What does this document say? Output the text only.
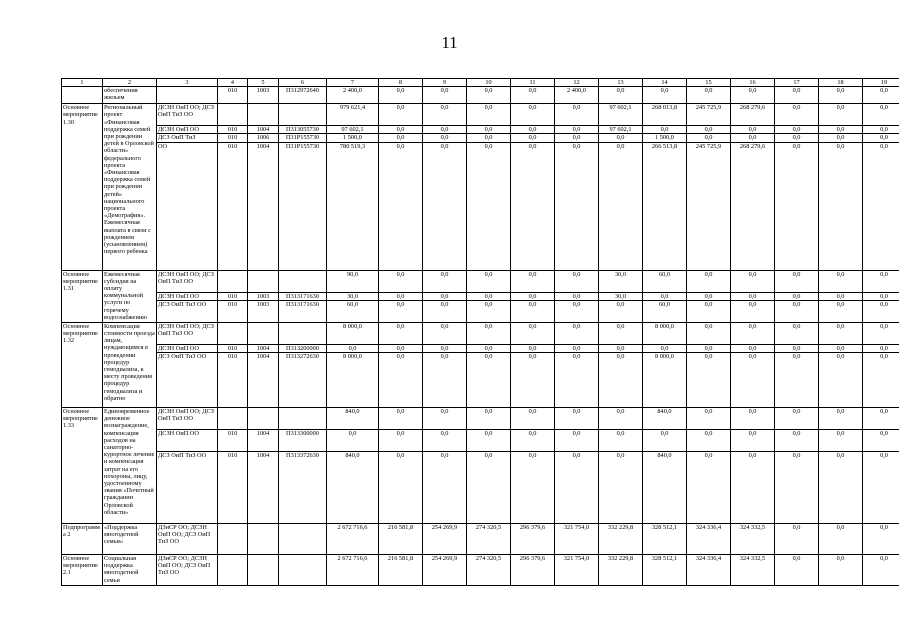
11
1	2	3	4	5	6	7	8	9	10	11	12	13	14	15	16	17	18	19
	обеспечения жильем		010	1003	П312972640	2 400,0	0,0	0,0	0,0	0,0	2 400,0	0,0	0,0	0,0	0,0	0,0	0,0	0,0
Основное мероприятие 1.30	Региональный проект «Финансовая поддержка семей при рождении детей в Орловской области» федерального проекта «Финансовая поддержка семей при рождении детей» национального проекта «Демография». Ежемесячная выплата в связи с рождением (усыновлением) первого ребенка	ДСЗН ОиП ОО; ДСЗ ОиП ТиЗ ОО				979 621,4	0,0	0,0	0,0	0,0	0,0	97 602,1	268 013,8	245 725,9	268 279,6	0,0	0,0	0,0
		ДСЗН ОиП ОО	010	1004	П313055730	97 602,1	0,0	0,0	0,0	0,0	0,0	97 602,1	0,0	0,0	0,0	0,0	0,0	0,0
		ДСЗ ОиП ТиЗ	010	1006	П31Р155730	1 500,0	0,0	0,0	0,0	0,0	0,0	0,0	1 500,0	0,0	0,0	0,0	0,0	0,0
		ОО	010	1004	П31Р155730	780 519,3	0,0	0,0	0,0	0,0	0,0	0,0	266 513,8	245 725,9	268 279,6	0,0	0,0	0,0
Основное мероприятие 1.31	Ежемесячная субсидия на оплату коммунальной услуги по горячему водоснабжению	ДСЗН ОиП ОО; ДСЗ ОиП ТиЗ ОО				90,0	0,0	0,0	0,0	0,0	0,0	30,0	60,0	0,0	0,0	0,0	0,0	0,0
		ДСЗН ОиП ОО	010	1003	П313171630	30,0	0,0	0,0	0,0	0,0	0,0	30,0	0,0	0,0	0,0	0,0	0,0	0,0
		ДСЗ ОиП ТиЗ ОО	010	1003	П313171630	60,0	0,0	0,0	0,0	0,0	0,0	0,0	60,0	0,0	0,0	0,0	0,0	0,0
Основное мероприятие 1.32	Компенсация стоимости проезда лицам, нуждающимся в проведении процедур гемодиализа, к месту проведения процедур гемодиализа и обратно	ДСЗН ОиП ОО; ДСЗ ОиП ТиЗ ОО				8 000,0	0,0	0,0	0,0	0,0	0,0	0,0	8 000,0	0,0	0,0	0,0	0,0	0,0
		ДСЗН ОиП ОО	010	1004	П313200000	0,0	0,0	0,0	0,0	0,0	0,0	0,0	0,0	0,0	0,0	0,0	0,0	0,0
		ДСЗ ОиП ТиЗ ОО	010	1004	П313272630	8 000,0	0,0	0,0	0,0	0,0	0,0	0,0	8 000,0	0,0	0,0	0,0	0,0	0,0
Основное мероприятие 1.33	Единовременное денежное вознаграждение, компенсация расходов на санаторно-курортное лечение и компенсация затрат на его похороны, лицу, удостоенному звания «Почетный гражданин Орловской области»	ДСЗН ОиП ОО; ДСЗ ОиП ТиЗ ОО				840,0	0,0	0,0	0,0	0,0	0,0	0,0	840,0	0,0	0,0	0,0	0,0	0,0
		ДСЗН ОиП ОО	010	1004	П313300000	0,0	0,0	0,0	0,0	0,0	0,0	0,0	0,0	0,0	0,0	0,0	0,0	0,0
		ДСЗ ОиП ТиЗ ОО	010	1004	П313372630	840,0	0,0	0,0	0,0	0,0	0,0	0,0	840,0	0,0	0,0	0,0	0,0	0,0
Подпрограмма 2	«Поддержка многодетной семьи»	ДЗиСР ОО; ДСЗН ОиП ОО; ДСЗ ОиП ТиЗ ОО				2 672 716,6	216 581,8	254 269,9	274 320,5	296 379,6	321 754,0	332 229,8	328 512,1	324 336,4	324 332,5	0,0	0,0	0,0
Основное мероприятие 2.1	Социальная поддержка многодетной семьи	ДЗиСР ОО; ДСЗН ОиП ОО; ДСЗ ОиП ТиЗ ОО				2 672 716,6	216 581,8	254 269,9	274 320,5	296 379,6	321 754,0	332 229,8	328 512,1	324 336,4	324 332,5	0,0	0,0	0,0
